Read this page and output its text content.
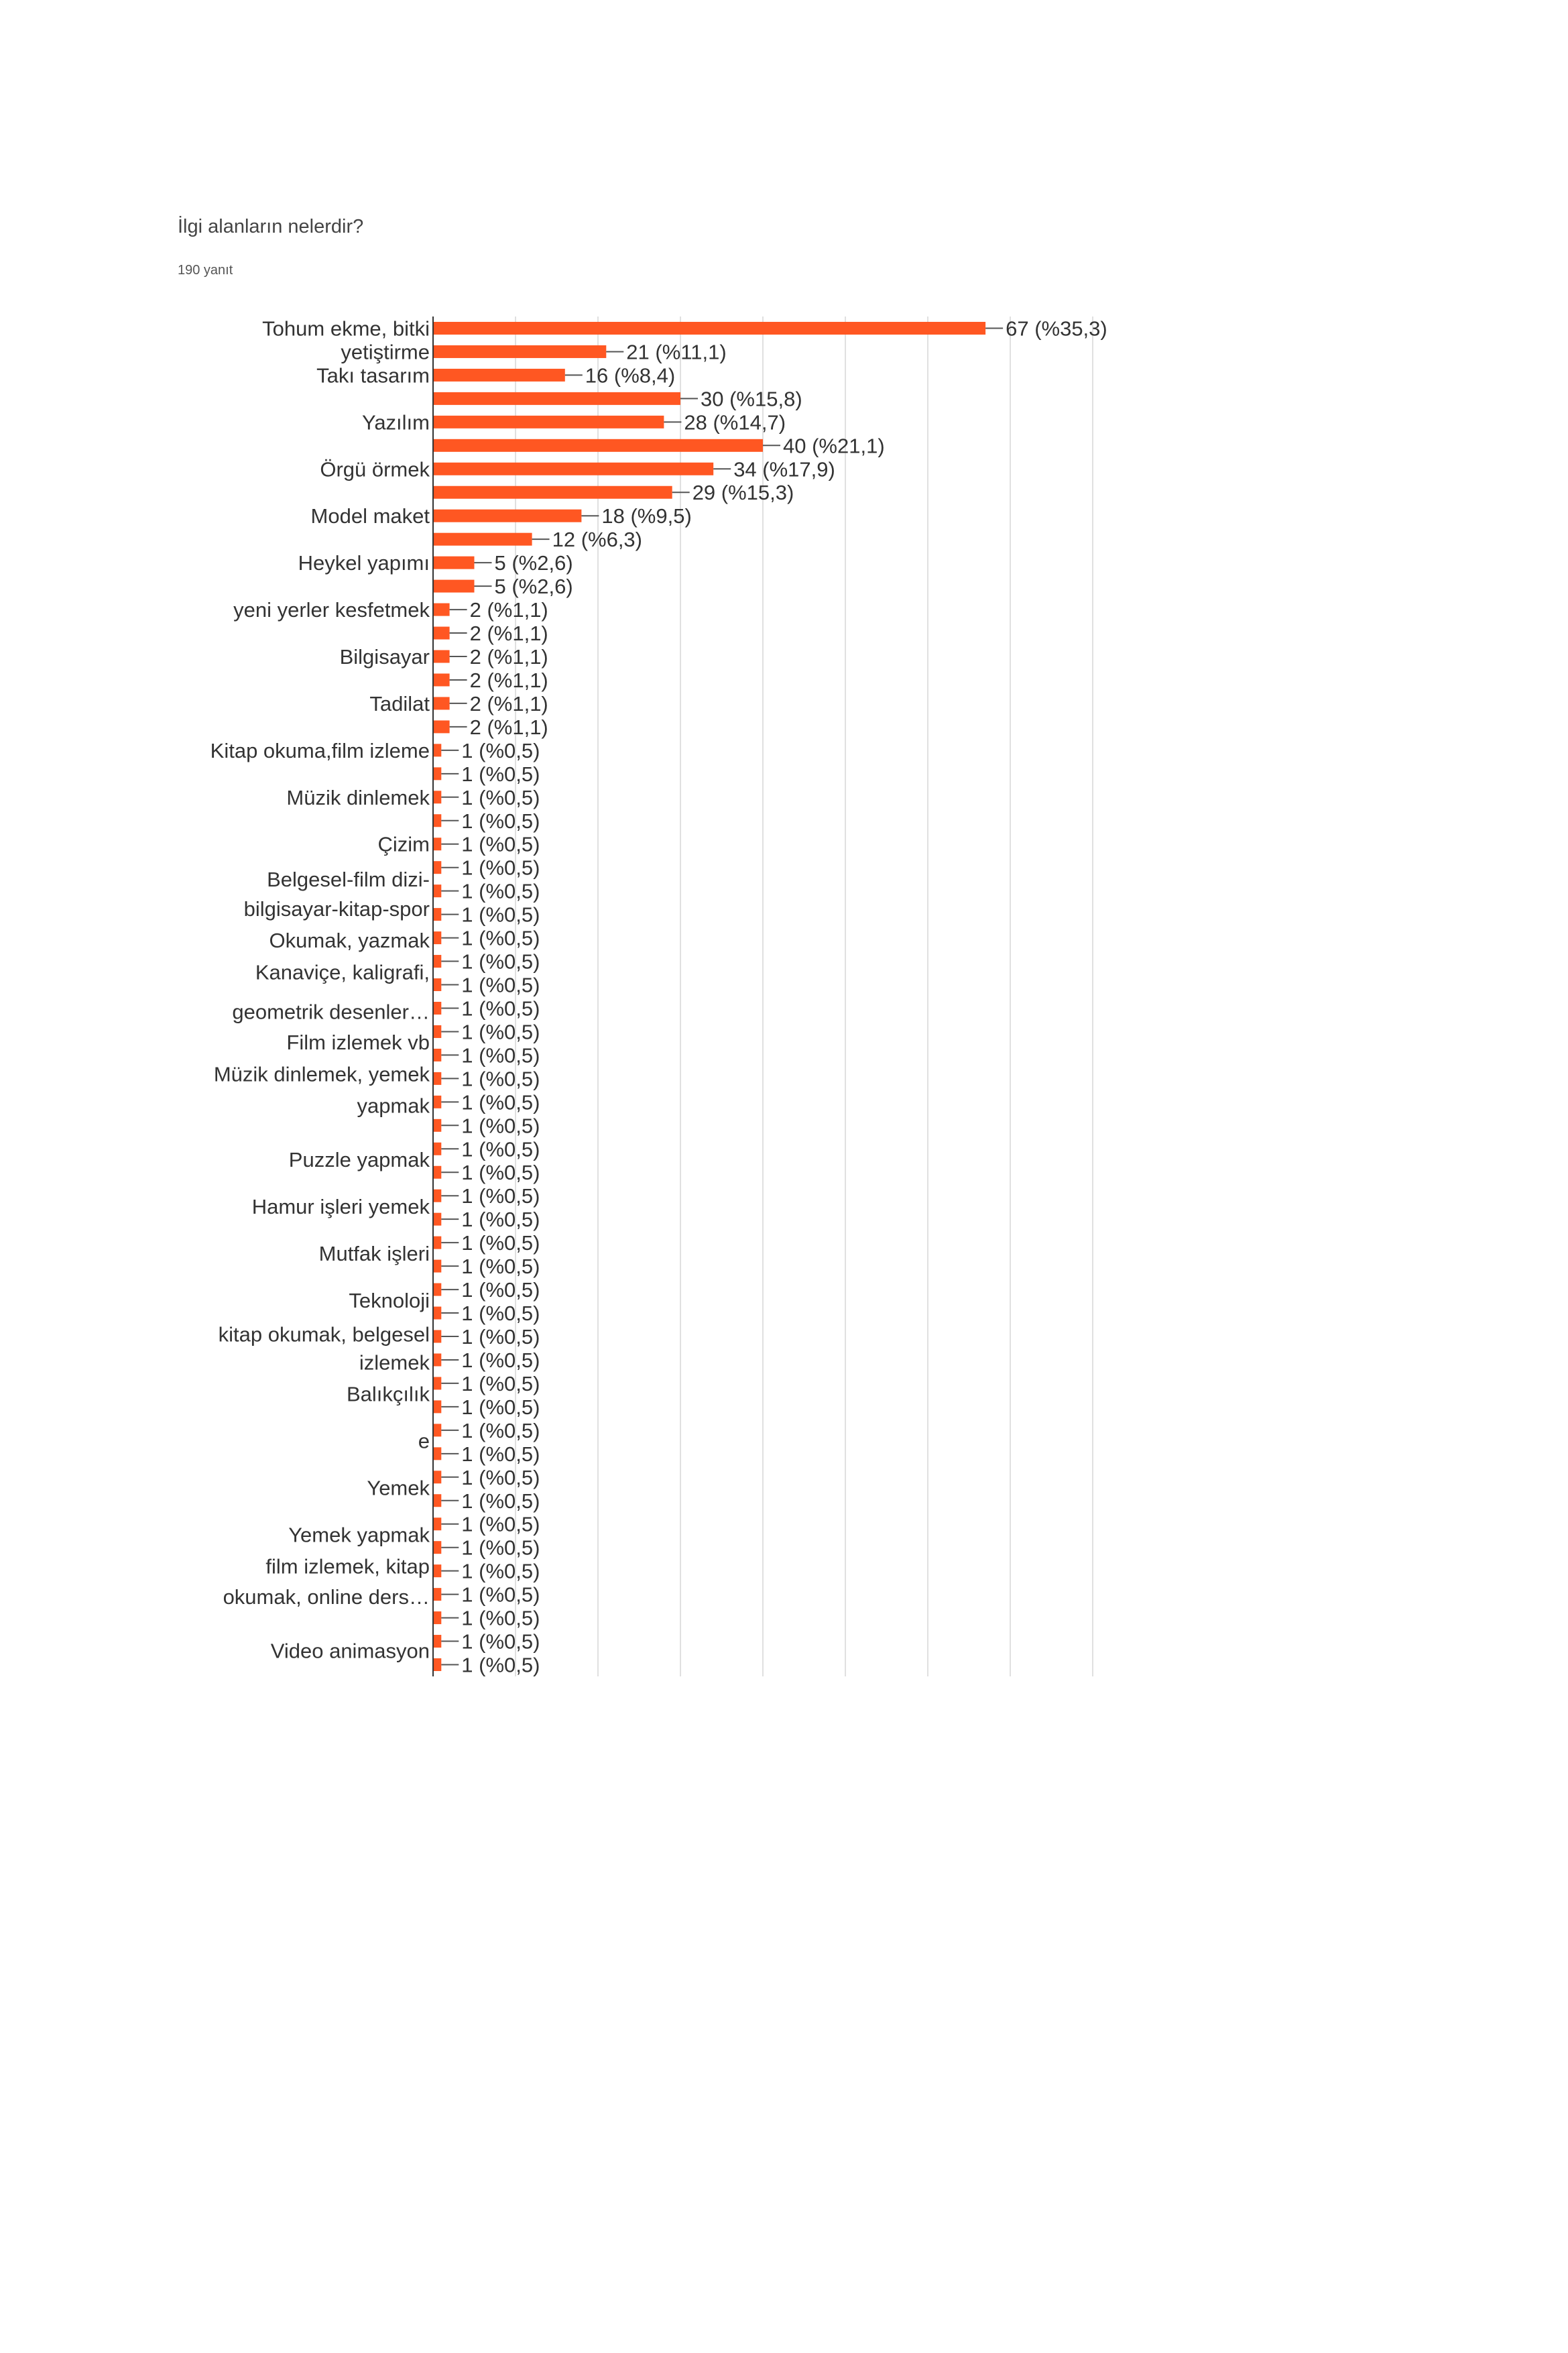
İlgi alanların nelerdir?
190 yanıt
67 (%35,3)
21 (%11,1)
16 (%8,4)
30 (%15,8)
28 (%14,7)
40 (%21,1)
34 (%17,9)
29 (%15,3)
18 (%9,5)
12 (%6,3)
5 (%2,6)
5 (%2,6)
2 (%1,1)
2 (%1,1)
2 (%1,1)
2 (%1,1)
2 (%1,1)
2 (%1,1)
1 (%0,5)
1 (%0,5)
1 (%0,5)
1 (%0,5)
1 (%0,5)
1 (%0,5)
1 (%0,5)
1 (%0,5)
1 (%0,5)
1 (%0,5)
1 (%0,5)
1 (%0,5)
1 (%0,5)
1 (%0,5)
1 (%0,5)
1 (%0,5)
1 (%0,5)
1 (%0,5)
1 (%0,5)
1 (%0,5)
1 (%0,5)
1 (%0,5)
1 (%0,5)
1 (%0,5)
1 (%0,5)
1 (%0,5)
1 (%0,5)
1 (%0,5)
1 (%0,5)
1 (%0,5)
1 (%0,5)
1 (%0,5)
1 (%0,5)
1 (%0,5)
1 (%0,5)
1 (%0,5)
1 (%0,5)
1 (%0,5)
1 (%0,5)
1 (%0,5)
Tohum ekme, bitki
yetiştirme
Takı tasarım
Yazılım
Örgü örmek
Model maket
Heykel yapımı
yeni yerler kesfetmek
Bilgisayar
Tadilat
Kitap okuma,film izleme
Müzik dinlemek
Çizim
Belgesel-film dizi-
bilgisayar-kitap-spor
Okumak, yazmak
Kanaviçe, kaligrafi,
geometrik desenler…
Film izlemek vb
Müzik dinlemek, yemek
yapmak
Puzzle yapmak
Hamur işleri yemek
Mutfak işleri
Teknoloji
kitap okumak, belgesel
izlemek
Balıkçılık
e
Yemek
Yemek yapmak
film izlemek, kitap
okumak, online ders…
Video animasyon
